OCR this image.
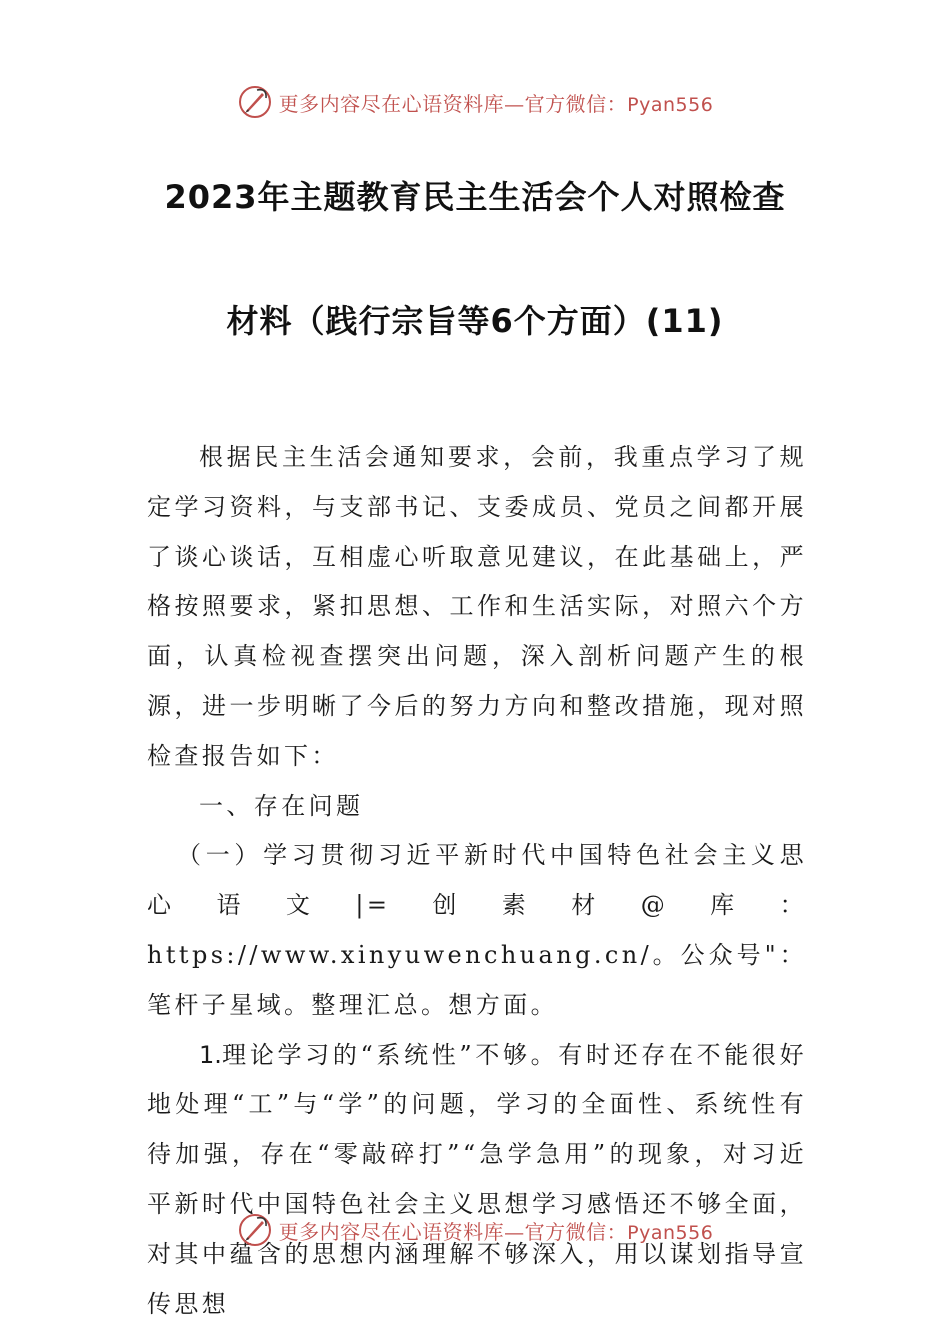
更多内容尽在心语资料库—官方微信：Pyan556
2023年主题教育民主生活会个人对照检查
材料（践行宗旨等6个方面）(11)

根据民主生活会通知要求，会前，我重点学习了规定学习资料，与支部书记、支委成员、党员之间都开展了谈心谈话，互相虚心听取意见建议，在此基础上，严格按照要求，紧扣思想、工作和生活实际，对照六个方面，认真检视查摆突出问题，深入剖析问题产生的根源，进一步明晰了今后的努力方向和整改措施，现对照检查报告如下：

一、存在问题

（一）学习贯彻习近平新时代中国特色社会主义思心语文|=创素材@库：https://www.xinyuwenchuang.cn/。公众号"：笔杆子星域。整理汇总。想方面。

1.理论学习的“系统性”不够。有时还存在不能很好地处理“工”与“学”的问题，学习的全面性、系统性有待加强，存在“零敲碎打”“急学急用”的现象，对习近平新时代中国特色社会主义思想学习感悟还不够全面，对其中蕴含的思想内涵理解不够深入，用以谋划指导宣传思想

更多内容尽在心语资料库—官方微信：Pyan556
